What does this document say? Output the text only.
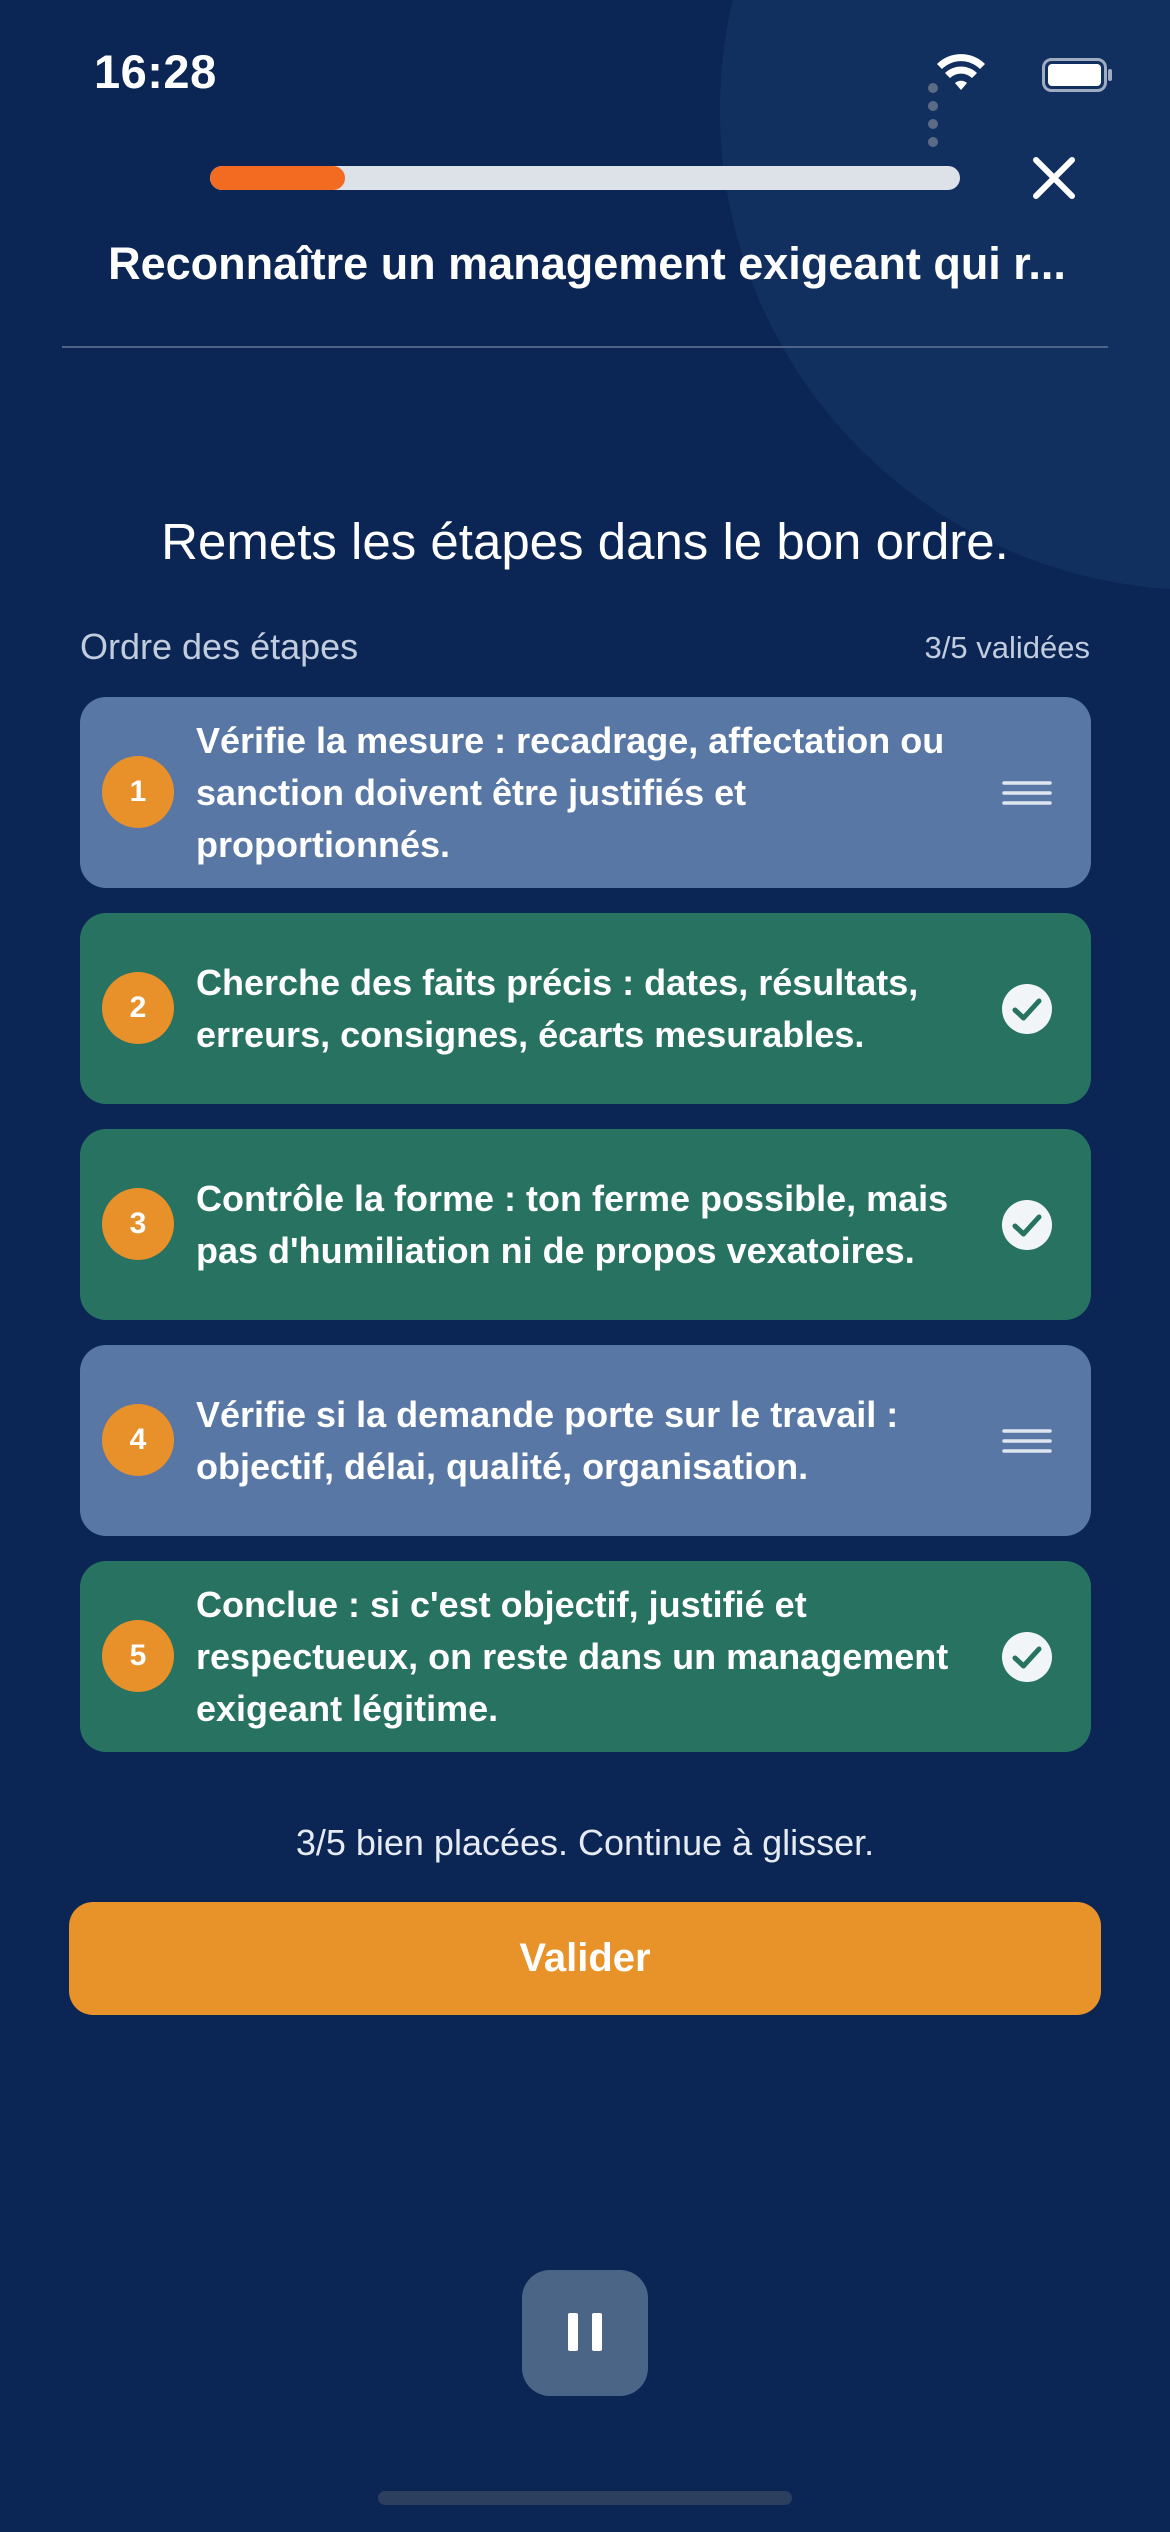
16:28
Reconnaître un management exigeant qui r...
Remets les étapes dans le bon ordre.
Ordre des étapes	3/5 validées
1
Vérifie la mesure : recadrage, affectation ou sanction doivent être justifiés et proportionnés.
2
Cherche des faits précis : dates, résultats, erreurs, consignes, écarts mesurables.
3
Contrôle la forme : ton ferme possible, mais pas d'humiliation ni de propos vexatoires.
4
Vérifie si la demande porte sur le travail : objectif, délai, qualité, organisation.
5
Conclue : si c'est objectif, justifié et respectueux, on reste dans un management exigeant légitime.
3/5 bien placées. Continue à glisser.
Valider
